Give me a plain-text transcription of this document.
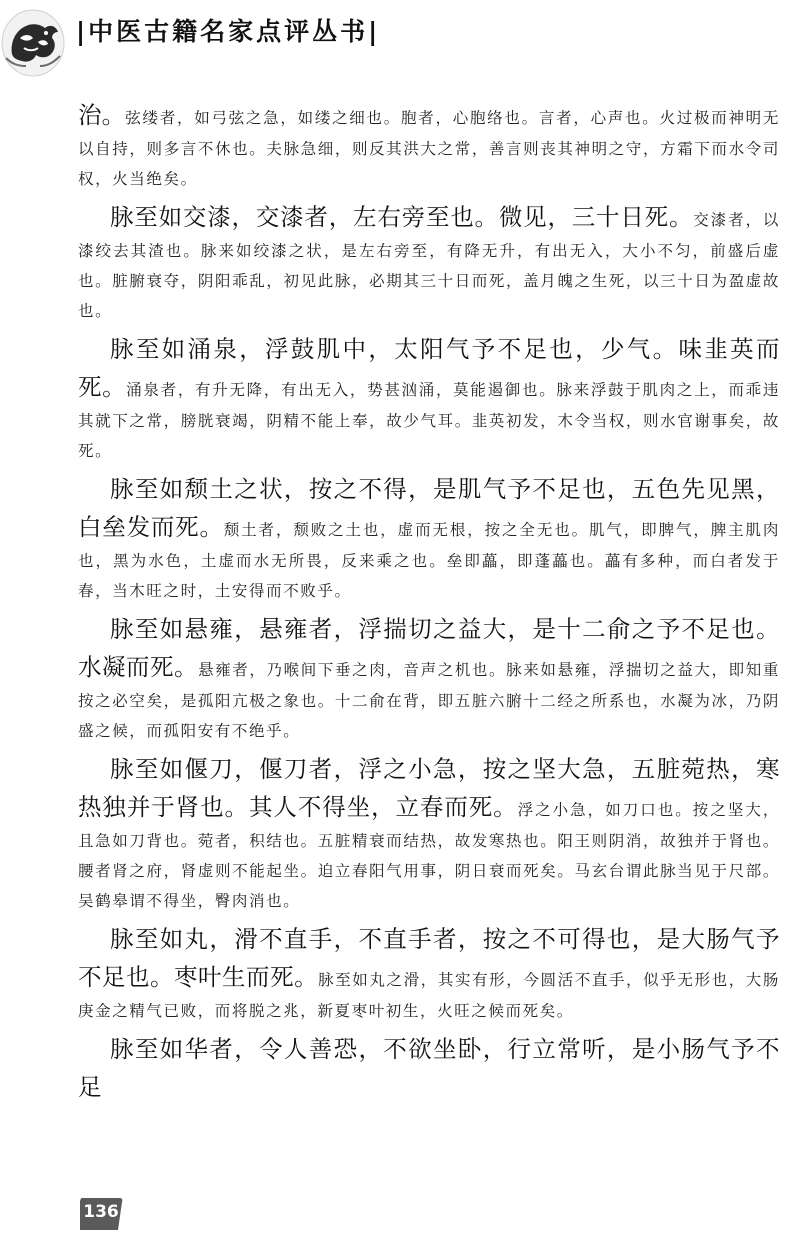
|中医古籍名家点评丛书|

治。弦缕者，如弓弦之急，如缕之细也。胞者，心胞络也。言者，心声也。火过极而神明无以自持，则多言不休也。夫脉急细，则反其洪大之常，善言则丧其神明之守，方霜下而水令司权，火当绝矣。

脉至如交漆，交漆者，左右旁至也。微见，三十日死。交漆者，以漆绞去其渣也。脉来如绞漆之状，是左右旁至，有降无升，有出无入，大小不匀，前盛后虚也。脏腑衰夺，阴阳乖乱，初见此脉，必期其三十日而死，盖月魄之生死，以三十日为盈虚故也。

脉至如涌泉，浮鼓肌中，太阳气予不足也，少气。味韭英而死。涌泉者，有升无降，有出无入，势甚汹涌，莫能遏御也。脉来浮鼓于肌肉之上，而乖违其就下之常，膀胱衰竭，阴精不能上奉，故少气耳。韭英初发，木令当权，则水官谢事矣，故死。

脉至如颓土之状，按之不得，是肌气予不足也，五色先见黑，白垒发而死。颓土者，颓败之土也，虚而无根，按之全无也。肌气，即脾气，脾主肌肉也，黑为水色，土虚而水无所畏，反来乘之也。垒即藟，即蓬藟也。藟有多种，而白者发于春，当木旺之时，土安得而不败乎。

脉至如悬雍，悬雍者，浮揣切之益大，是十二俞之予不足也。水凝而死。悬雍者，乃喉间下垂之肉，音声之机也。脉来如悬雍，浮揣切之益大，即知重按之必空矣，是孤阳亢极之象也。十二俞在背，即五脏六腑十二经之所系也，水凝为冰，乃阴盛之候，而孤阳安有不绝乎。

脉至如偃刀，偃刀者，浮之小急，按之坚大急，五脏菀热，寒热独并于肾也。其人不得坐，立春而死。浮之小急，如刀口也。按之坚大，且急如刀背也。菀者，积结也。五脏精衰而结热，故发寒热也。阳王则阴消，故独并于肾也。腰者肾之府，肾虚则不能起坐。迫立春阳气用事，阴日衰而死矣。马玄台谓此脉当见于尺部。吴鹤皋谓不得坐，臀肉消也。

脉至如丸，滑不直手，不直手者，按之不可得也，是大肠气予不足也。枣叶生而死。脉至如丸之滑，其实有形，今圆活不直手，似乎无形也，大肠庚金之精气已败，而将脱之兆，新夏枣叶初生，火旺之候而死矣。

脉至如华者，令人善恐，不欲坐卧，行立常听，是小肠气予不足

136
